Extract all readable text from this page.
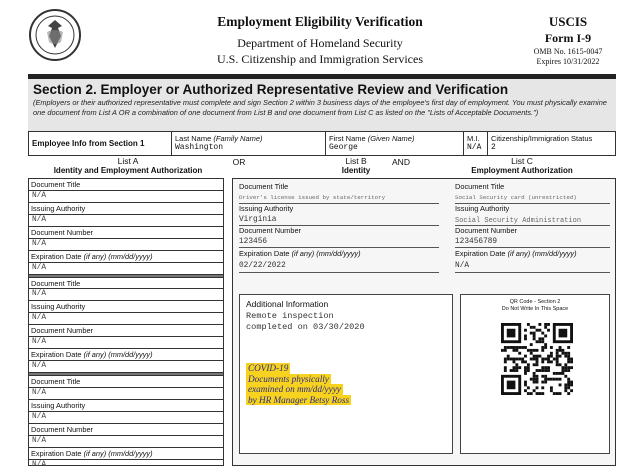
Employment Eligibility Verification
Department of Homeland Security
U.S. Citizenship and Immigration Services
USCIS
Form I-9
OMB No. 1615-0047
Expires 10/31/2022
Section 2. Employer or Authorized Representative Review and Verification
(Employers or their authorized representative must complete and sign Section 2 within 3 business days of the employee's first day of employment. You must physically examine one document from List A OR a combination of one document from List B and one document from List C as listed on the "Lists of Acceptable Documents.")
Employee Info from Section 1
Last Name (Family Name)
Washington
First Name (Given Name)
George
M.I.
N/A
Citizenship/Immigration Status
2
List A
Identity and Employment Authorization
OR	List B
Identity
AND	List C
Employment Authorization
Document Title
N/A
Issuing Authority
N/A
Document Number
N/A
Expiration Date (if any) (mm/dd/yyyy)
N/A
Document Title
N/A
Issuing Authority
N/A
Document Number
N/A
Expiration Date (if any) (mm/dd/yyyy)
N/A
Document Title
N/A
Issuing Authority
N/A
Document Number
N/A
Expiration Date (if any) (mm/dd/yyyy)
N/A
Document Title
Driver's license issued by state/territory
Issuing Authority
Virginia
Document Number
123456
Expiration Date (if any) (mm/dd/yyyy)
02/22/2022
Document Title
Social Security card (unrestricted)
Issuing Authority
Social Security Administration
Document Number
123456789
Expiration Date (if any) (mm/dd/yyyy)
N/A
Additional Information
Remote inspection
completed on 03/30/2020
COVID-19
Documents physically
examined on mm/dd/yyyy
by HR Manager Betsy Ross
QR Code - Section 2
Do Not Write In This Space
